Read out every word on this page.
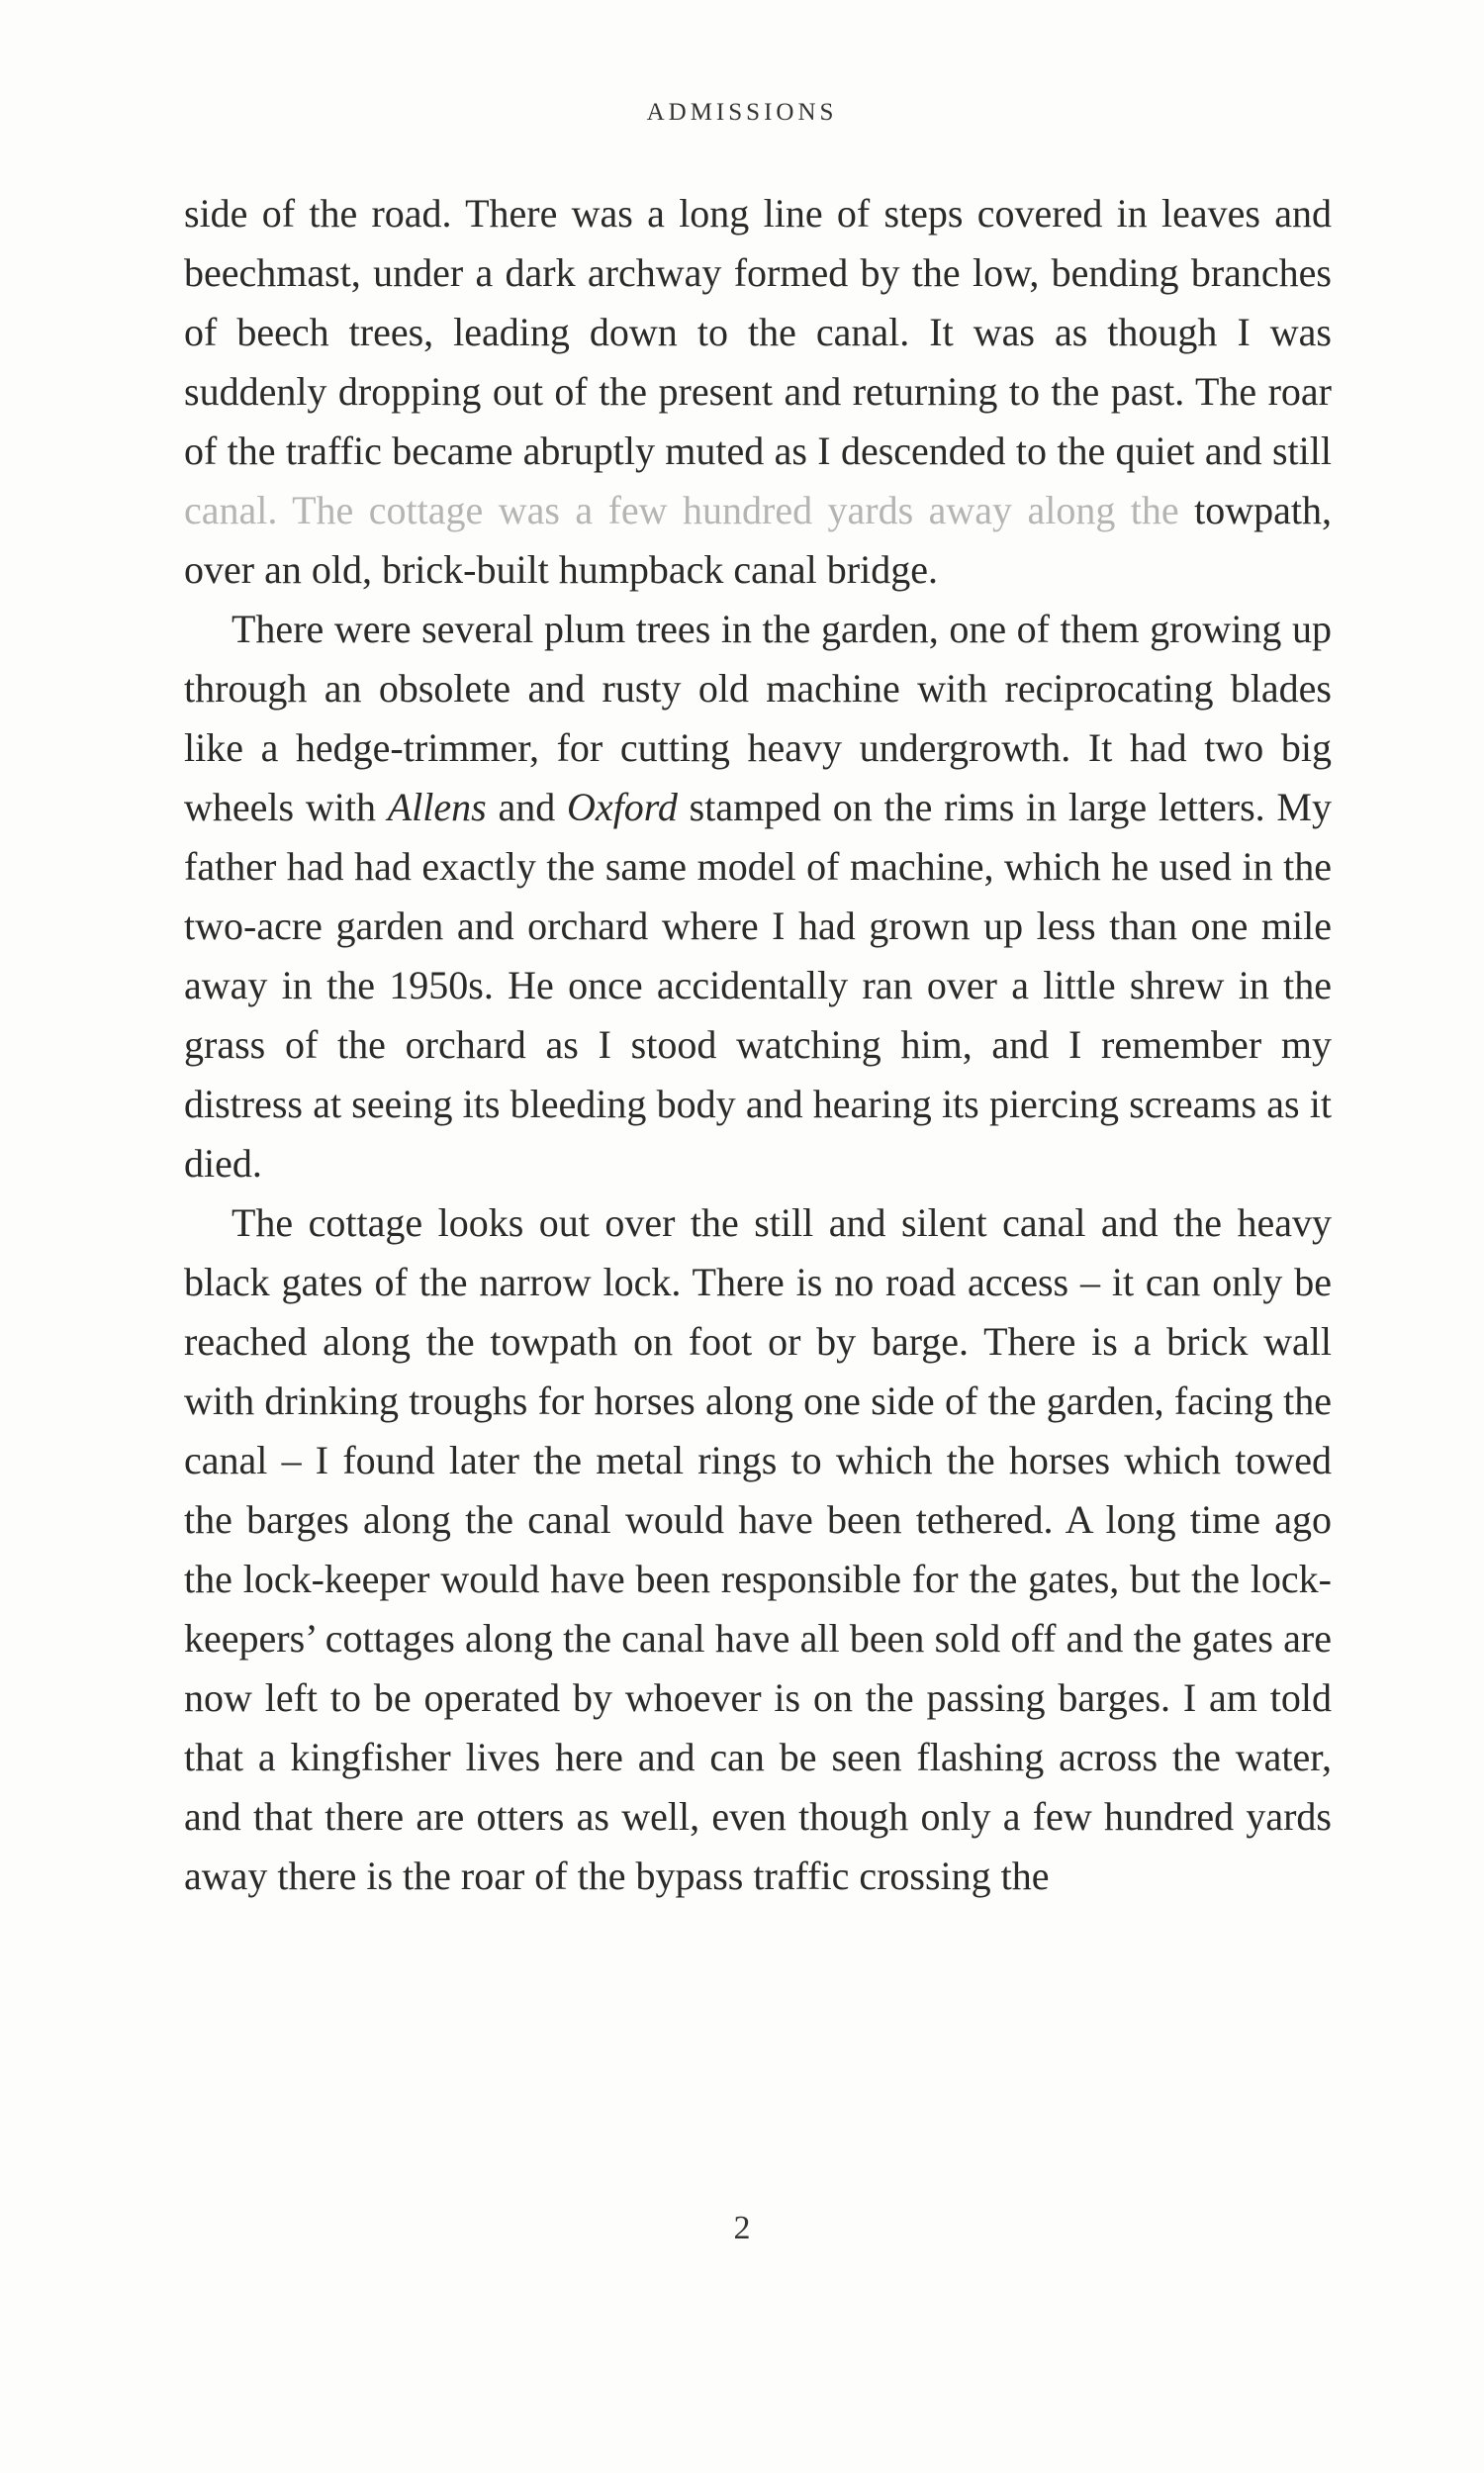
ADMISSIONS

side of the road. There was a long line of steps covered in leaves and beechmast, under a dark archway formed by the low, bending branches of beech trees, leading down to the canal. It was as though I was suddenly dropping out of the present and returning to the past. The roar of the traffic became abruptly muted as I descended to the quiet and still canal. The cottage was a few hundred yards away along the towpath, over an old, brick-built humpback canal bridge.

There were several plum trees in the garden, one of them growing up through an obsolete and rusty old machine with reciprocating blades like a hedge-trimmer, for cutting heavy undergrowth. It had two big wheels with Allens and Oxford stamped on the rims in large letters. My father had had exactly the same model of machine, which he used in the two-acre garden and orchard where I had grown up less than one mile away in the 1950s. He once accidentally ran over a little shrew in the grass of the orchard as I stood watching him, and I remember my distress at seeing its bleeding body and hearing its piercing screams as it died.

The cottage looks out over the still and silent canal and the heavy black gates of the narrow lock. There is no road access – it can only be reached along the towpath on foot or by barge. There is a brick wall with drinking troughs for horses along one side of the garden, facing the canal – I found later the metal rings to which the horses which towed the barges along the canal would have been tethered. A long time ago the lock-keeper would have been responsible for the gates, but the lock-keepers’ cottages along the canal have all been sold off and the gates are now left to be operated by whoever is on the passing barges. I am told that a kingfisher lives here and can be seen flashing across the water, and that there are otters as well, even though only a few hundred yards away there is the roar of the bypass traffic crossing the

2
